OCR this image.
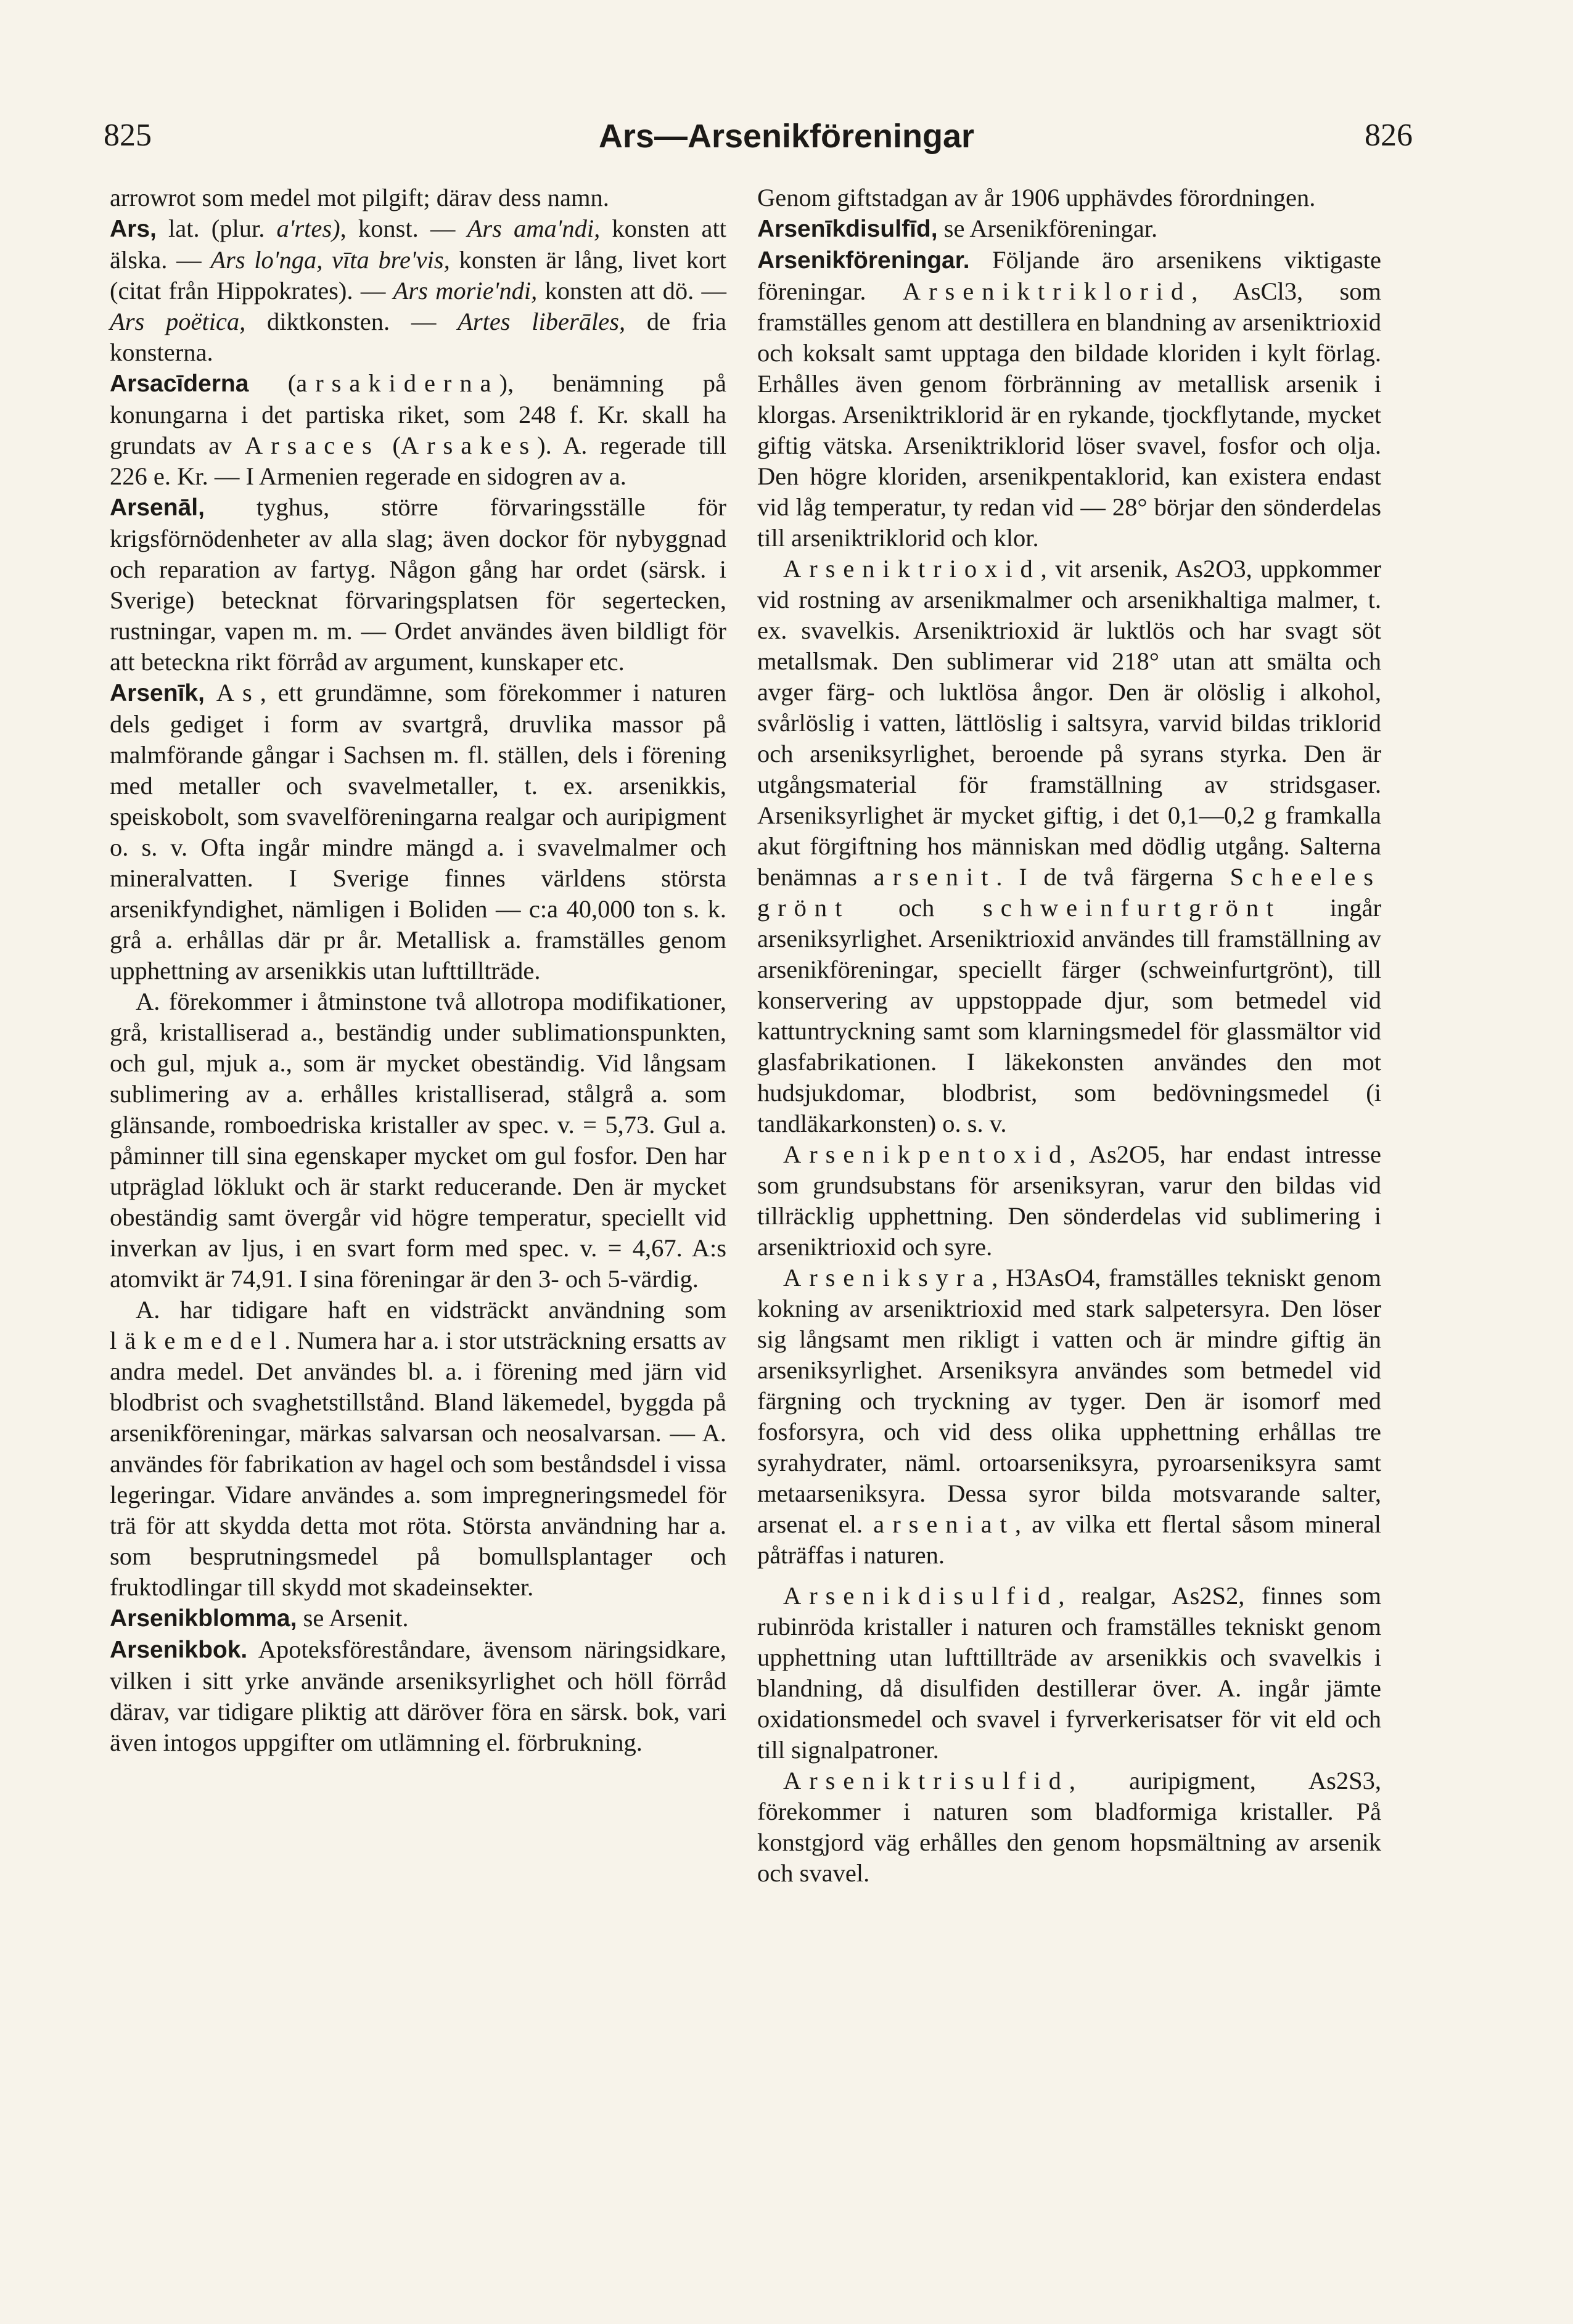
825	Ars—Arsenikföreningar	826

arrowrot som medel mot pilgift; därav dess namn.

Ars, lat. (plur. a'rtes), konst. — Ars ama'ndi, konsten att älska. — Ars lo'nga, vīta bre'vis, konsten är lång, livet kort (citat från Hippokrates). — Ars morie'ndi, konsten att dö. — Ars poëtica, diktkonsten. — Artes liberāles, de fria konsterna.

Arsacīderna (arsakiderna), benämning på konungarna i det partiska riket, som 248 f. Kr. skall ha grundats av Arsaces (Arsakes). A. regerade till 226 e. Kr. — I Armenien regerade en sidogren av a.

Arsenāl, tyghus, större förvaringsställe för krigsförnödenheter av alla slag; även dockor för nybyggnad och reparation av fartyg. Någon gång har ordet (särsk. i Sverige) betecknat förvaringsplatsen för segertecken, rustningar, vapen m. m. — Ordet användes även bildligt för att beteckna rikt förråd av argument, kunskaper etc.

Arsenīk, As, ett grundämne, som förekommer i naturen dels gediget i form av svartgrå, druvlika massor på malmförande gångar i Sachsen m. fl. ställen, dels i förening med metaller och svavelmetaller, t. ex. arsenikkis, speiskobolt, som svavelföreningarna realgar och auripigment o. s. v. Ofta ingår mindre mängd a. i svavelmalmer och mineralvatten. I Sverige finnes världens största arsenikfyndighet, nämligen i Boliden — c:a 40,000 ton s. k. grå a. erhållas där pr år. Metallisk a. framställes genom upphettning av arsenikkis utan lufttillträde.

A. förekommer i åtminstone två allotropa modifikationer, grå, kristalliserad a., beständig under sublimationspunkten, och gul, mjuk a., som är mycket obeständig. Vid långsam sublimering av a. erhålles kristalliserad, stålgrå a. som glänsande, romboedriska kristaller av spec. v. = 5,73. Gul a. påminner till sina egenskaper mycket om gul fosfor. Den har utpräglad löklukt och är starkt reducerande. Den är mycket obeständig samt övergår vid högre temperatur, speciellt vid inverkan av ljus, i en svart form med spec. v. = 4,67. A:s atomvikt är 74,91. I sina föreningar är den 3- och 5-värdig.

A. har tidigare haft en vidsträckt användning som läkemedel. Numera har a. i stor utsträckning ersatts av andra medel. Det användes bl. a. i förening med järn vid blodbrist och svaghetstillstånd. Bland läkemedel, byggda på arsenikföreningar, märkas salvarsan och neosalvarsan. — A. användes för fabrikation av hagel och som beståndsdel i vissa legeringar. Vidare användes a. som impregneringsmedel för trä för att skydda detta mot röta. Största användning har a. som besprutningsmedel på bomullsplantager och fruktodlingar till skydd mot skadeinsekter.

Arsenikblomma, se Arsenit.

Arsenikbok. Apoteksföreståndare, ävensom näringsidkare, vilken i sitt yrke använde arseniksyrlighet och höll förråd därav, var tidigare pliktig att däröver föra en särsk. bok, vari även intogos uppgifter om utlämning el. förbrukning.

Genom giftstadgan av år 1906 upphävdes förordningen.

Arsenīkdisulfīd, se Arsenikföreningar.

Arsenikföreningar. Följande äro arsenikens viktigaste föreningar. Arseniktriklorid, AsCl3, som framställes genom att destillera en blandning av arseniktrioxid och koksalt samt upptaga den bildade kloriden i kylt förlag. Erhålles även genom förbränning av metallisk arsenik i klorgas. Arseniktriklorid är en rykande, tjockflytande, mycket giftig vätska. Arseniktriklorid löser svavel, fosfor och olja. Den högre kloriden, arsenikpentaklorid, kan existera endast vid låg temperatur, ty redan vid — 28° börjar den sönderdelas till arseniktriklorid och klor.

Arseniktrioxid, vit arsenik, As2O3, uppkommer vid rostning av arsenikmalmer och arsenikhaltiga malmer, t. ex. svavelkis. Arseniktrioxid är luktlös och har svagt söt metallsmak. Den sublimerar vid 218° utan att smälta och avger färg- och luktlösa ångor. Den är olöslig i alkohol, svårlöslig i vatten, lättlöslig i saltsyra, varvid bildas triklorid och arseniksyrlighet, beroende på syrans styrka. Den är utgångsmaterial för framställning av stridsgaser. Arseniksyrlighet är mycket giftig, i det 0,1—0,2 g framkalla akut förgiftning hos människan med dödlig utgång. Salterna benämnas arsenit. I de två färgerna Scheeles grönt och schweinfurtgrönt ingår arseniksyrlighet. Arseniktrioxid användes till framställning av arsenikföreningar, speciellt färger (schweinfurtgrönt), till konservering av uppstoppade djur, som betmedel vid kattuntryckning samt som klarningsmedel för glassmältor vid glasfabrikationen. I läkekonsten användes den mot hudsjukdomar, blodbrist, som bedövningsmedel (i tandläkarkonsten) o. s. v.

Arsenikpentoxid, As2O5, har endast intresse som grundsubstans för arseniksyran, varur den bildas vid tillräcklig upphettning. Den sönderdelas vid sublimering i arseniktrioxid och syre.

Arseniksyra, H3AsO4, framställes tekniskt genom kokning av arseniktrioxid med stark salpetersyra. Den löser sig långsamt men rikligt i vatten och är mindre giftig än arseniksyrlighet. Arseniksyra användes som betmedel vid färgning och tryckning av tyger. Den är isomorf med fosforsyra, och vid dess olika upphettning erhållas tre syrahydrater, näml. ortoarseniksyra, pyroarseniksyra samt metaarseniksyra. Dessa syror bilda motsvarande salter, arsenat el. arseniat, av vilka ett flertal såsom mineral påträffas i naturen.

Arsenikdisulfid, realgar, As2S2, finnes som rubinröda kristaller i naturen och framställes tekniskt genom upphettning utan lufttillträde av arsenikkis och svavelkis i blandning, då disulfiden destillerar över. A. ingår jämte oxidationsmedel och svavel i fyrverkerisatser för vit eld och till signalpatroner.

Arseniktrisulfid, auripigment, As2S3, förekommer i naturen som bladformiga kristaller. På konstgjord väg erhålles den genom hopsmältning av arsenik och svavel.
